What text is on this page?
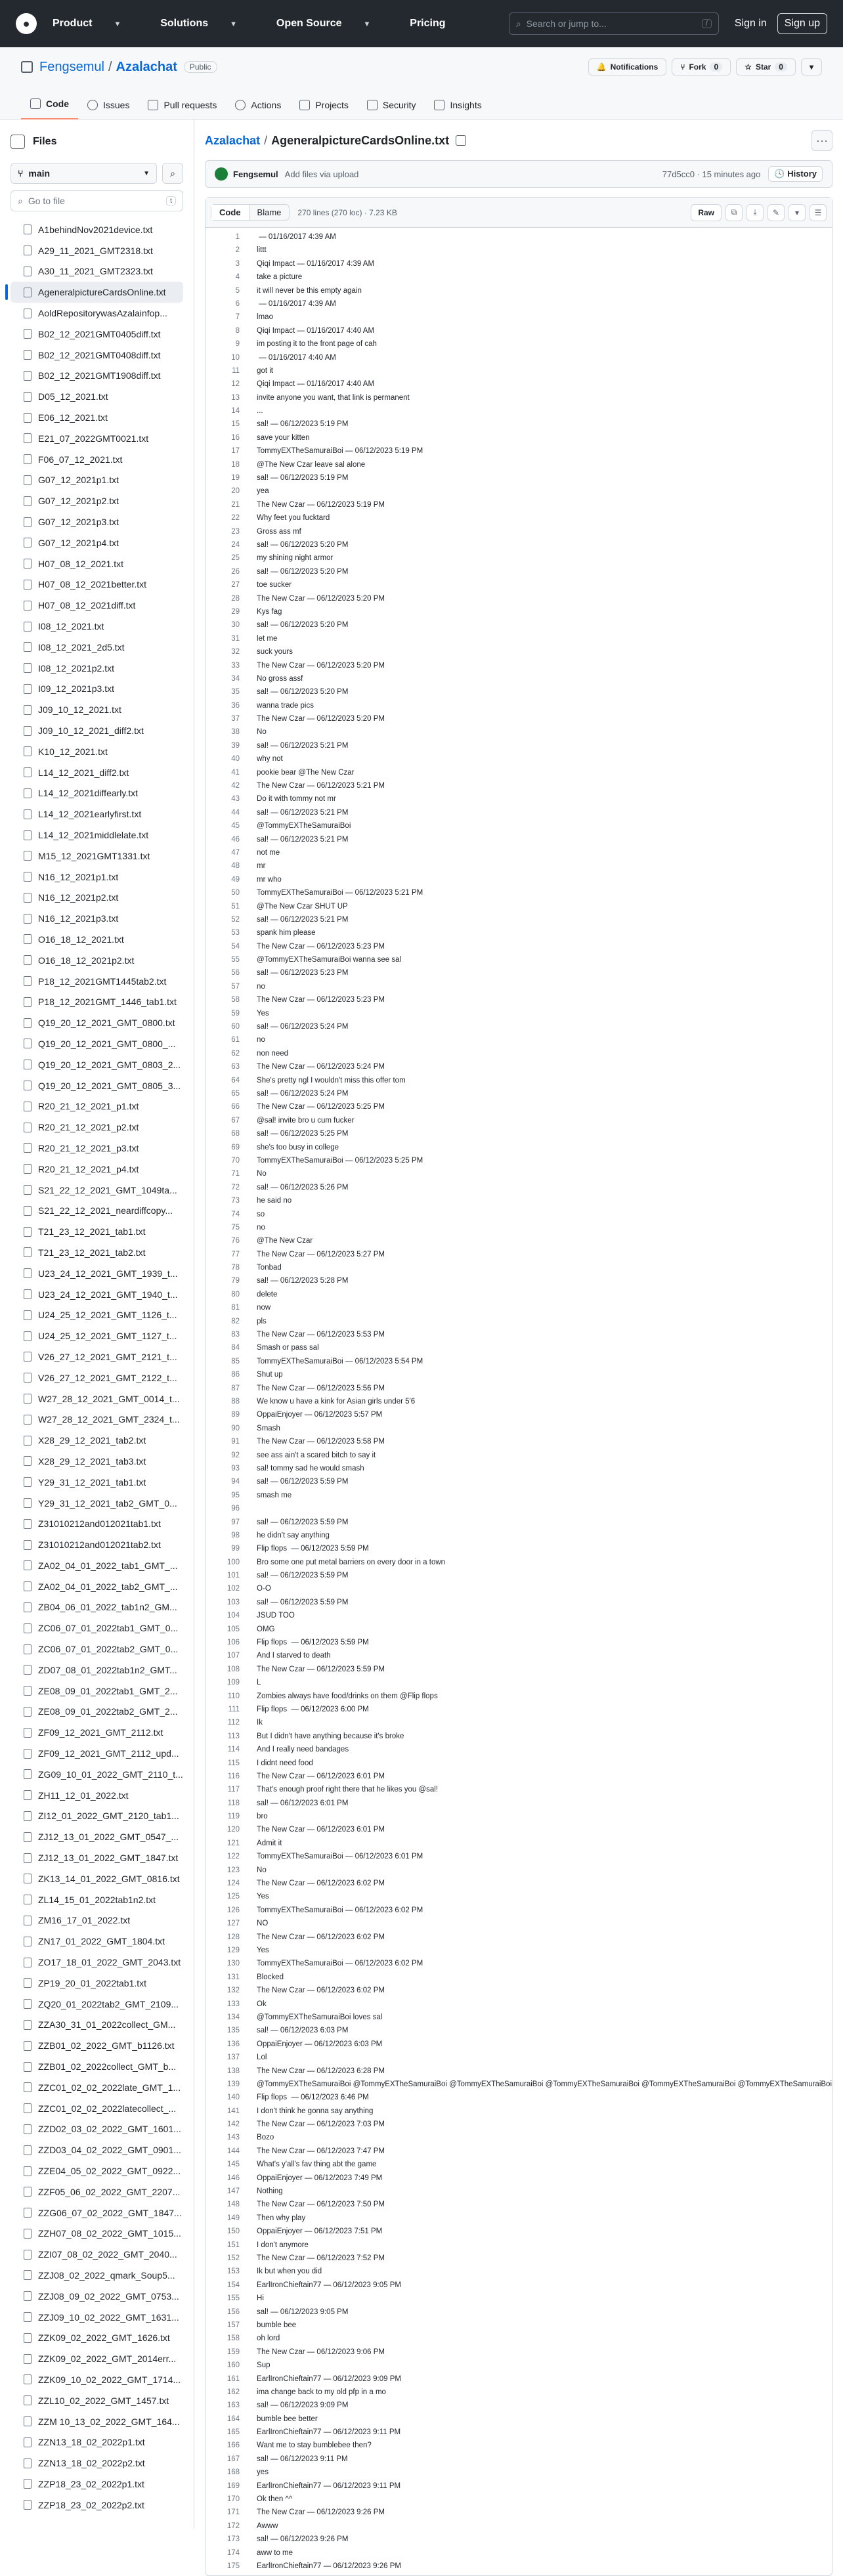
●	Product	▼	Solutions	▼	Open Source	▼	Pricing	⌕ Search or jump to...	/	Sign in	Sign up
Fengsemul / Azalachat	Public	🔔 Notifications	⑂ Fork	0	☆ Star	0	▾
Code	Issues	Pull requests	Actions	Projects	Security	Insights
Files
⑂ main	▼ ⌕
⌕ Go to file	t
A1behindNov2021device.txt
A29_11_2021_GMT2318.txt
A30_11_2021_GMT2323.txt
AgeneralpictureCardsOnline.txt
AoldRepositorywasAzalainfop...
B02_12_2021GMT0405diff.txt
B02_12_2021GMT0408diff.txt
B02_12_2021GMT1908diff.txt
D05_12_2021.txt
E06_12_2021.txt
E21_07_2022GMT0021.txt
F06_07_12_2021.txt
G07_12_2021p1.txt
G07_12_2021p2.txt
G07_12_2021p3.txt
G07_12_2021p4.txt
H07_08_12_2021.txt
H07_08_12_2021better.txt
H07_08_12_2021diff.txt
I08_12_2021.txt
I08_12_2021_2d5.txt
I08_12_2021p2.txt
I09_12_2021p3.txt
J09_10_12_2021.txt
J09_10_12_2021_diff2.txt
K10_12_2021.txt
L14_12_2021_diff2.txt
L14_12_2021diffearly.txt
L14_12_2021earlyfirst.txt
L14_12_2021middlelate.txt
M15_12_2021GMT1331.txt
N16_12_2021p1.txt
N16_12_2021p2.txt
N16_12_2021p3.txt
O16_18_12_2021.txt
O16_18_12_2021p2.txt
P18_12_2021GMT1445tab2.txt
P18_12_2021GMT_1446_tab1.txt
Q19_20_12_2021_GMT_0800.txt
Q19_20_12_2021_GMT_0800_...
Q19_20_12_2021_GMT_0803_2...
Q19_20_12_2021_GMT_0805_3...
R20_21_12_2021_p1.txt
R20_21_12_2021_p2.txt
R20_21_12_2021_p3.txt
R20_21_12_2021_p4.txt
S21_22_12_2021_GMT_1049ta...
S21_22_12_2021_neardiffcopy...
T21_23_12_2021_tab1.txt
T21_23_12_2021_tab2.txt
U23_24_12_2021_GMT_1939_t...
U23_24_12_2021_GMT_1940_t...
U24_25_12_2021_GMT_1126_t...
U24_25_12_2021_GMT_1127_t...
V26_27_12_2021_GMT_2121_t...
V26_27_12_2021_GMT_2122_t...
W27_28_12_2021_GMT_0014_t...
W27_28_12_2021_GMT_2324_t...
X28_29_12_2021_tab2.txt
X28_29_12_2021_tab3.txt
Y29_31_12_2021_tab1.txt
Y29_31_12_2021_tab2_GMT_0...
Z31010212and012021tab1.txt
Z31010212and012021tab2.txt
ZA02_04_01_2022_tab1_GMT_...
ZA02_04_01_2022_tab2_GMT_...
ZB04_06_01_2022_tab1n2_GM...
ZC06_07_01_2022tab1_GMT_0...
ZC06_07_01_2022tab2_GMT_0...
ZD07_08_01_2022tab1n2_GMT...
ZE08_09_01_2022tab1_GMT_2...
ZE08_09_01_2022tab2_GMT_2...
ZF09_12_2021_GMT_2112.txt
ZF09_12_2021_GMT_2112_upd...
ZG09_10_01_2022_GMT_2110_t...
ZH11_12_01_2022.txt
ZI12_01_2022_GMT_2120_tab1...
ZJ12_13_01_2022_GMT_0547_...
ZJ12_13_01_2022_GMT_1847.txt
ZK13_14_01_2022_GMT_0816.txt
ZL14_15_01_2022tab1n2.txt
ZM16_17_01_2022.txt
ZN17_01_2022_GMT_1804.txt
ZO17_18_01_2022_GMT_2043.txt
ZP19_20_01_2022tab1.txt
ZQ20_01_2022tab2_GMT_2109...
ZZA30_31_01_2022collect_GM...
ZZB01_02_2022_GMT_b1126.txt
ZZB01_02_2022collect_GMT_b...
ZZC01_02_02_2022late_GMT_1...
ZZC01_02_02_2022latecollect_...
ZZD02_03_02_2022_GMT_1601...
ZZD03_04_02_2022_GMT_0901...
ZZE04_05_02_2022_GMT_0922...
ZZF05_06_02_2022_GMT_2207...
ZZG06_07_02_2022_GMT_1847...
ZZH07_08_02_2022_GMT_1015...
ZZI07_08_02_2022_GMT_2040...
ZZJ08_02_2022_qmark_Soup5...
ZZJ08_09_02_2022_GMT_0753...
ZZJ09_10_02_2022_GMT_1631...
ZZK09_02_2022_GMT_1626.txt
ZZK09_02_2022_GMT_2014err...
ZZK09_10_02_2022_GMT_1714...
ZZL10_02_2022_GMT_1457.txt
ZZM 10_13_02_2022_GMT_164...
ZZN13_18_02_2022p1.txt
ZZN13_18_02_2022p2.txt
ZZP18_23_02_2022p1.txt
ZZP18_23_02_2022p2.txt
Azalachat / AgeneralpictureCardsOnline.txt	···
Fengsemul Add files via upload	77d5cc0 · 15 minutes ago	🕓 History
Code	Blame	270 lines (270 loc) · 7.23 KB	Raw	⧉	⤓	✎	▾	☰
1	⁣ — 01/16/2017 4:39 AM
2	littt
3	Qiqi Impact — 01/16/2017 4:39 AM
4	take a picture
5	it will never be this empty again
6	⁣ — 01/16/2017 4:39 AM
7	lmao
8	Qiqi Impact — 01/16/2017 4:40 AM
9	im posting it to the front page of cah
10	⁣ — 01/16/2017 4:40 AM
11	got it
12	Qiqi Impact — 01/16/2017 4:40 AM
13	invite anyone you want, that link is permanent
14	...
15	sal! — 06/12/2023 5:19 PM
16	save your kitten
17	TommyEXTheSamuraiBoi — 06/12/2023 5:19 PM
18	@The New Czar leave sal alone
19	sal! — 06/12/2023 5:19 PM
20	yea ⁣
21	The New Czar — 06/12/2023 5:19 PM
22	Why feet you fucktard
23	Gross ass mf
24	sal! — 06/12/2023 5:20 PM
25	my shining night armor ⁣
26	sal! — 06/12/2023 5:20 PM
27	toe sucker
28	The New Czar — 06/12/2023 5:20 PM
29	Kys fag
30	sal! — 06/12/2023 5:20 PM
31	let me
32	suck yours
33	The New Czar — 06/12/2023 5:20 PM
34	No gross assf
35	sal! — 06/12/2023 5:20 PM
36	wanna trade pics
37	The New Czar — 06/12/2023 5:20 PM
38	No
39	sal! — 06/12/2023 5:21 PM
40	why not
41	pookie bear @The New Czar
42	The New Czar — 06/12/2023 5:21 PM
43	Do it with tommy not mr
44	sal! — 06/12/2023 5:21 PM
45	@TommyEXTheSamuraiBoi
46	sal! — 06/12/2023 5:21 PM
47	not me
48	mr
49	mr who ⁣⁣
50	TommyEXTheSamuraiBoi — 06/12/2023 5:21 PM
51	@The New Czar SHUT UP
52	sal! — 06/12/2023 5:21 PM
53	spank him please
54	The New Czar — 06/12/2023 5:23 PM
55	@TommyEXTheSamuraiBoi wanna see sal
56	sal! — 06/12/2023 5:23 PM
57	no
58	The New Czar — 06/12/2023 5:23 PM
59	Yes
60	sal! — 06/12/2023 5:24 PM
61	no
62	non need
63	The New Czar — 06/12/2023 5:24 PM
64	She's pretty ngl I wouldn't miss this offer tom
65	sal! — 06/12/2023 5:24 PM
66	The New Czar — 06/12/2023 5:25 PM
67	@sal! invite bro u cum fucker
68	sal! — 06/12/2023 5:25 PM
69	she's too busy in college
70	TommyEXTheSamuraiBoi — 06/12/2023 5:25 PM
71	No
72	sal! — 06/12/2023 5:26 PM
73	he said no
74	so
75	no
76	@The New Czar
77	The New Czar — 06/12/2023 5:27 PM
78	Tonbad
79	sal! — 06/12/2023 5:28 PM
80	delete
81	now
82	pls
83	The New Czar — 06/12/2023 5:53 PM
84	Smash or pass sal
85	TommyEXTheSamuraiBoi — 06/12/2023 5:54 PM
86	Shut up
87	The New Czar — 06/12/2023 5:56 PM
88	We know u have a kink for Asian girls under 5'6
89	OppaiEnjoyer — 06/12/2023 5:57 PM
90	Smash
91	The New Czar — 06/12/2023 5:58 PM
92	see ass ain't a scared bitch to say it
93	sal! tommy sad he would smash
94	sal! — 06/12/2023 5:59 PM
95	smash me
96
97	sal! — 06/12/2023 5:59 PM
98	he didn't say anything
99	Flip flops ⁣ — 06/12/2023 5:59 PM
100	Bro some one put metal barriers on every door in a town
101	sal! — 06/12/2023 5:59 PM
102	O-O
103	sal! — 06/12/2023 5:59 PM
104	JSUD TOO
105	OMG
106	Flip flops ⁣ — 06/12/2023 5:59 PM
107	And I starved to death
108	The New Czar — 06/12/2023 5:59 PM
109	L
110	Zombies always have food/drinks on them @Flip flops ⁣
111	Flip flops ⁣ — 06/12/2023 6:00 PM
112	Ik
113	But I didn't have anything because it's broke
114	And I really need bandages
115	I didnt need food
116	The New Czar — 06/12/2023 6:01 PM
117	That's enough proof right there that he likes you @sal!
118	sal! — 06/12/2023 6:01 PM
119	bro
120	The New Czar — 06/12/2023 6:01 PM
121	Admit it
122	TommyEXTheSamuraiBoi — 06/12/2023 6:01 PM
123	No
124	The New Czar — 06/12/2023 6:02 PM
125	Yes
126	TommyEXTheSamuraiBoi — 06/12/2023 6:02 PM
127	NO
128	The New Czar — 06/12/2023 6:02 PM
129	Yes
130	TommyEXTheSamuraiBoi — 06/12/2023 6:02 PM
131	Blocked
132	The New Czar — 06/12/2023 6:02 PM
133	Ok
134	@TommyEXTheSamuraiBoi loves sal
135	sal! — 06/12/2023 6:03 PM
136	OppaiEnjoyer — 06/12/2023 6:03 PM
137	Lol
138	The New Czar — 06/12/2023 6:28 PM
139	@TommyEXTheSamuraiBoi @TommyEXTheSamuraiBoi @TommyEXTheSamuraiBoi @TommyEXTheSamuraiBoi @TommyEXTheSamuraiBoi @TommyEXTheSamuraiBoi
140	Flip flops ⁣ — 06/12/2023 6:46 PM
141	I don't think he gonna say anything
142	The New Czar — 06/12/2023 7:03 PM
143	Bozo
144	The New Czar — 06/12/2023 7:47 PM
145	What's y'all's fav thing abt the game
146	OppaiEnjoyer — 06/12/2023 7:49 PM
147	Nothing
148	The New Czar — 06/12/2023 7:50 PM
149	Then why play
150	OppaiEnjoyer — 06/12/2023 7:51 PM
151	I don't anymore
152	The New Czar — 06/12/2023 7:52 PM
153	Ik but when you did
154	EarlIronChieftain77 — 06/12/2023 9:05 PM
155	Hi
156	sal! — 06/12/2023 9:05 PM
157	bumble bee
158	oh lord
159	The New Czar — 06/12/2023 9:06 PM
160	Sup
161	EarlIronChieftain77 — 06/12/2023 9:09 PM
162	ima change back to my old pfp in a mo
163	sal! — 06/12/2023 9:09 PM
164	bumble bee better
165	EarlIronChieftain77 — 06/12/2023 9:11 PM
166	Want me to stay bumblebee then?
167	sal! — 06/12/2023 9:11 PM
168	yes
169	EarlIronChieftain77 — 06/12/2023 9:11 PM
170	Ok then ^^
171	The New Czar — 06/12/2023 9:26 PM
172	Awww
173	sal! — 06/12/2023 9:26 PM
174	aww to me
175	EarlIronChieftain77 — 06/12/2023 9:26 PM
